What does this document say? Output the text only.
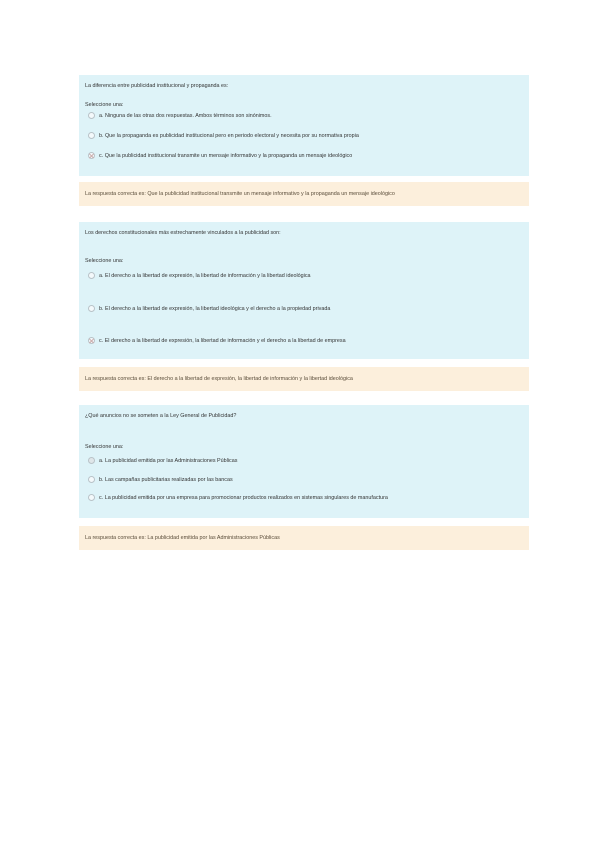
La diferencia entre publicidad institucional y propaganda es:
Seleccione una:
a. Ninguna de las otras dos respuestas. Ambos términos son sinónimos.
b. Que la propaganda es publicidad institucional pero en periodo electoral y necesita por su normativa propia
c. Que la publicidad institucional transmite un mensaje informativo y la propaganda un mensaje ideológico
La respuesta correcta es: Que la publicidad institucional transmite un mensaje informativo y la propaganda un mensaje ideológico
Los derechos constitucionales más estrechamente vinculados a la publicidad son:
Seleccione una:
a. El derecho a la libertad de expresión, la libertad de información y la libertad ideológica
b. El derecho a la libertad de expresión, la libertad ideológica y el derecho a la propiedad privada
c. El derecho a la libertad de expresión, la libertad de información y el derecho a la libertad de empresa
La respuesta correcta es: El derecho a la libertad de expresión, la libertad de información y la libertad ideológica
¿Qué anuncios no se someten a la Ley General de Publicidad?
Seleccione una:
a. La publicidad emitida por las Administraciones Públicas
b. Las campañas publicitarias realizadas por las bancas
c. La publicidad emitida por una empresa para promocionar productos realizados en sistemas singulares de manufactura
La respuesta correcta es: La publicidad emitida por las Administraciones Públicas
